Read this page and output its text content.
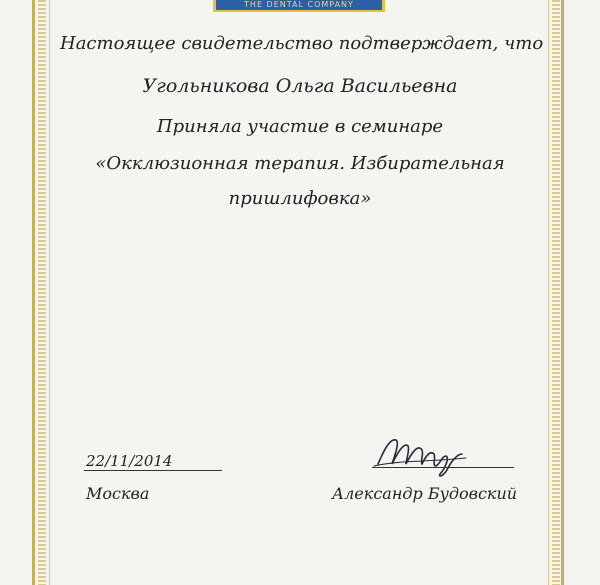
THE DENTAL COMPANY
Настоящее свидетельство подтверждает, что
Угольникова Ольга Васильевна
Приняла участие в семинаре
«Окклюзионная терапия. Избирательная
пришлифовка»
22/11/2014
Москва	Александр Будовский
